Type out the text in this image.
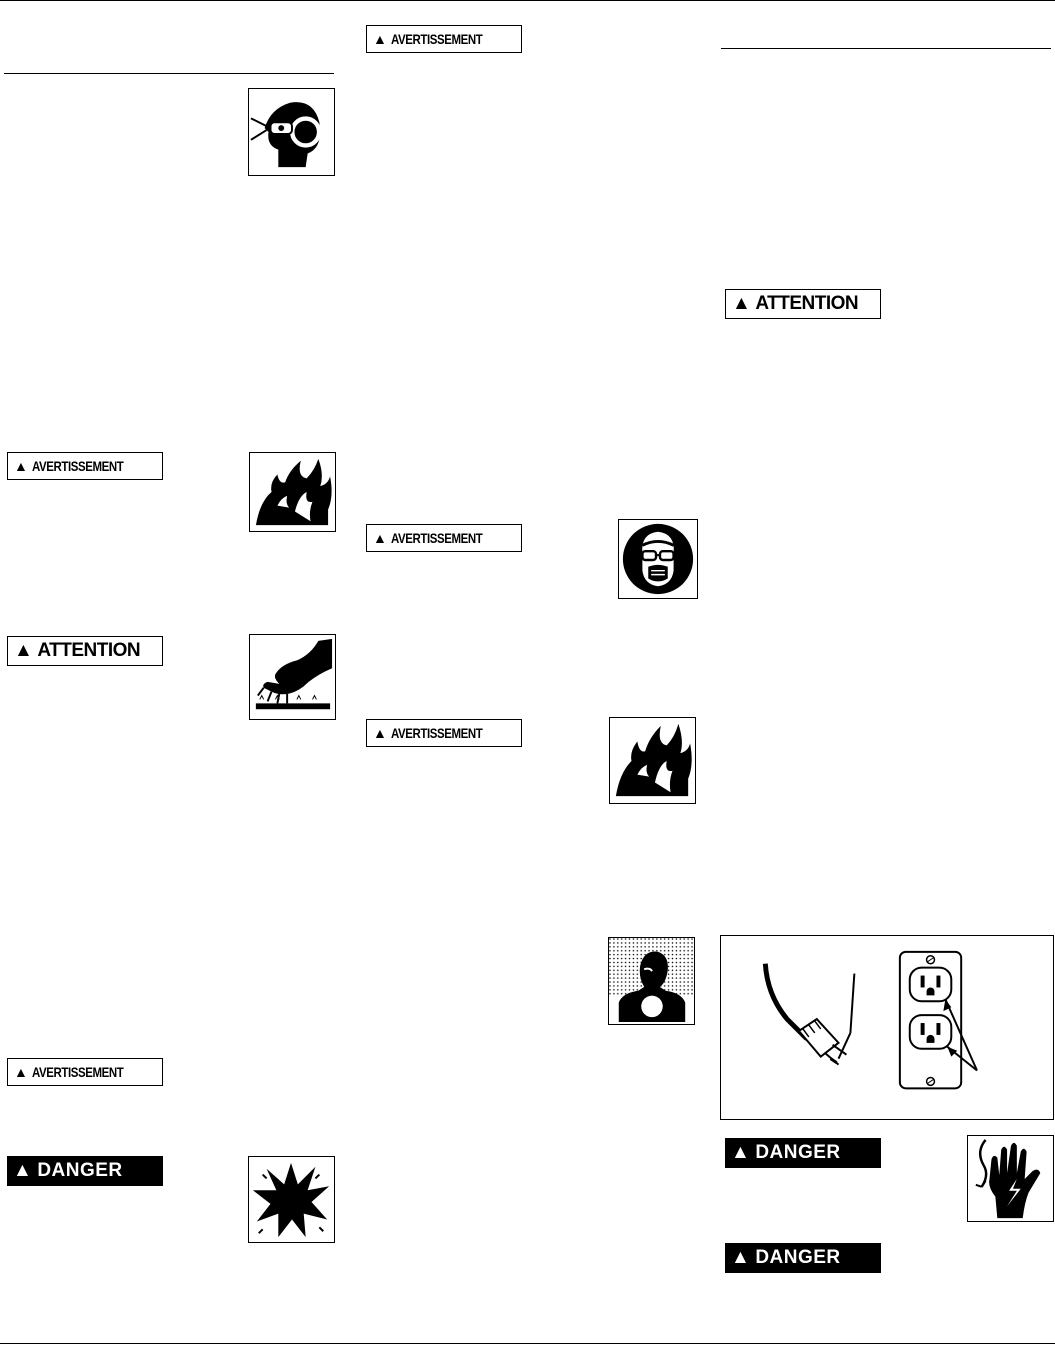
▲ AVERTISSEMENT
▲ ATTENTION
▲ AVERTISSEMENT
▲ DANGER
▲ AVERTISSEMENT
▲ AVERTISSEMENT
▲ AVERTISSEMENT
▲ ATTENTION
▲ DANGER
▲ DANGER
